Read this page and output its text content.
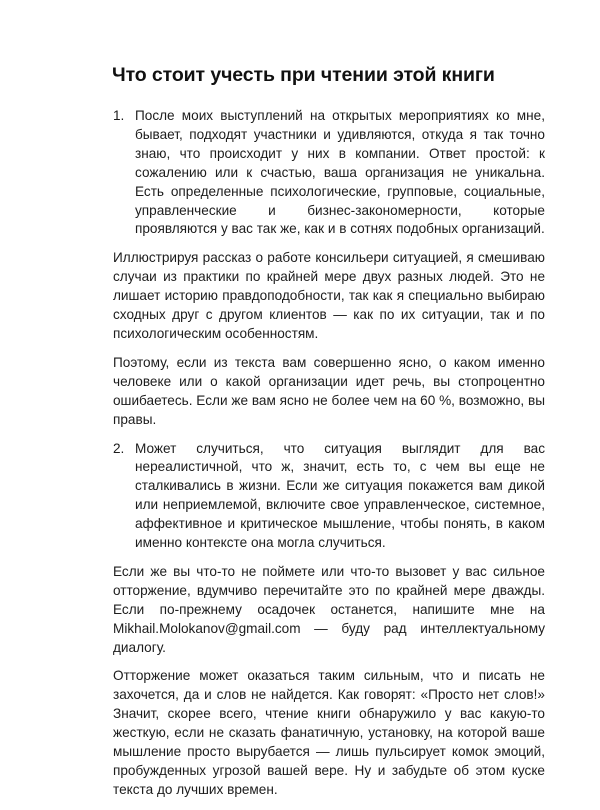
Что стоит учесть при чтении этой книги
1. После моих выступлений на открытых мероприятиях ко мне, бывает, подходят участники и удивляются, откуда я так точно знаю, что происходит у них в компании. Ответ простой: к сожалению или к счастью, ваша организация не уникальна. Есть определенные психологические, групповые, социальные, управленческие и бизнес-закономерности, которые проявляются у вас так же, как и в сотнях подобных организаций.

Иллюстрируя рассказ о работе консильери ситуацией, я смешиваю случаи из практики по крайней мере двух разных людей. Это не лишает историю правдоподобности, так как я специально выбираю сходных друг с другом клиентов — как по их ситуации, так и по психологическим особенностям.

Поэтому, если из текста вам совершенно ясно, о каком именно человеке или о какой организации идет речь, вы стопроцентно ошибаетесь. Если же вам ясно не более чем на 60 %, возможно, вы правы.

2. Может случиться, что ситуация выглядит для вас нереалистичной, что ж, значит, есть то, с чем вы еще не сталкивались в жизни. Если же ситуация покажется вам дикой или неприемлемой, включите свое управленческое, системное, аффективное и критическое мышление, чтобы понять, в каком именно контексте она могла случиться.

Если же вы что-то не поймете или что-то вызовет у вас сильное отторжение, вдумчиво перечитайте это по крайней мере дважды. Если по-прежнему осадочек останется, напишите мне на Mikhail.Molokanov@gmail.com — буду рад интеллектуальному диалогу.

Отторжение может оказаться таким сильным, что и писать не захочется, да и слов не найдется. Как говорят: «Просто нет слов!» Значит, скорее всего, чтение книги обнаружило у вас какую-то жесткую, если не сказать фанатичную, установку, на которой ваше мышление просто вырубается — лишь пульсирует комок эмоций, пробужденных угрозой вашей вере. Ну и забудьте об этом куске текста до лучших времен.
